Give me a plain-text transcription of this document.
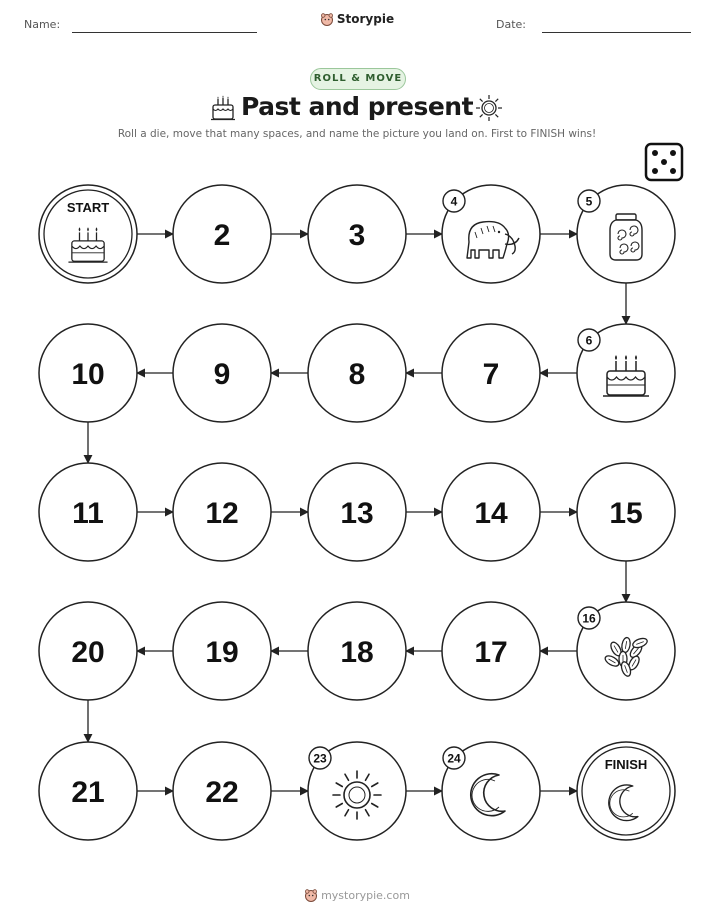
Name:	Storypie	Date:
ROLL & MOVE
Past and present
Roll a die, move that many spaces, and name the picture you land on. First to FINISH wins!
START
2	3
4	5
6
7
8
9
10
11	12	13	14	15
16
17
18
19
20
21	22
23	24	FINISH
mystorypie.com
